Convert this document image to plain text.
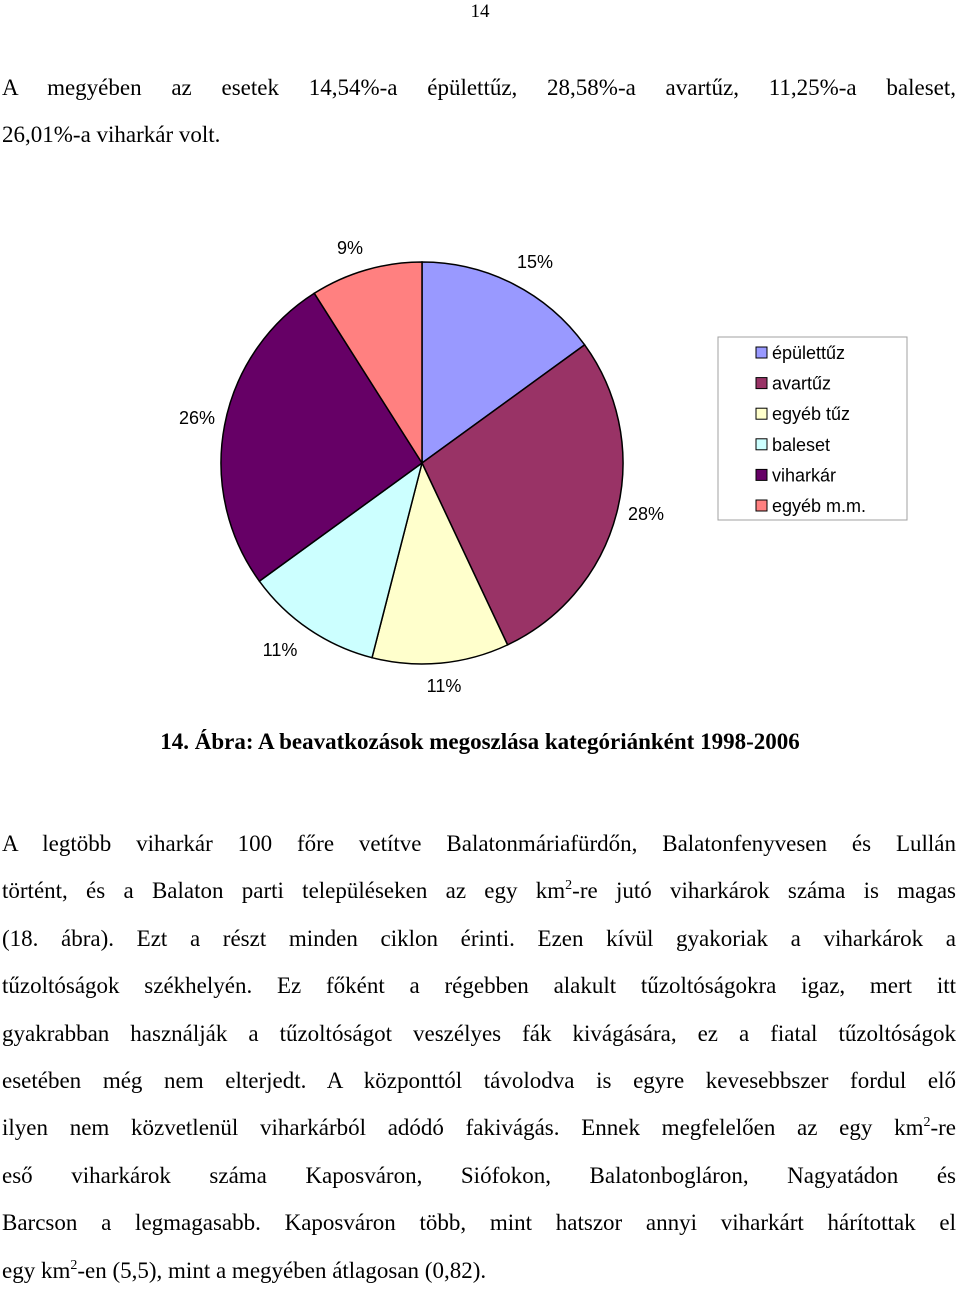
14
A megyében az esetek 14,54%-a épülettűz, 28,58%-a avartűz, 11,25%-a baleset,
26,01%-a viharkár volt.
15%
28%
11%
11%
26%
9%
épülettűz
avartűz
egyéb tűz
baleset
viharkár
egyéb m.m.
14. Ábra: A beavatkozások megoszlása kategóriánként 1998-2006
A legtöbb viharkár 100 főre vetítve Balatonmáriafürdőn, Balatonfenyvesen és Lullán
történt, és a Balaton parti településeken az egy $km^2-re$ jutó viharkárok száma is magas
(18. ábra). Ezt a részt minden ciklon érinti. Ezen kívül gyakoriak a viharkárok a
tűzoltóságok székhelyén. Ez főként a régebben alakult tűzoltóságokra igaz, mert itt
gyakrabban használják a tűzoltóságot veszélyes fák kivágására, ez a fiatal tűzoltóságok
esetében még nem elterjedt. A központtól távolodva is egyre kevesebbszer fordul elő
ilyen nem közvetlenül viharkárból adódó fakivágás. Ennek megfelelően az egy $km^2-re$
eső viharkárok száma Kaposváron, Siófokon, Balatonbogláron, Nagyatádon és
Barcson a legmagasabb. Kaposváron több, mint hatszor annyi viharkárt hárítottak el
egy $km^2-en$ (5,5), mint a megyében átlagosan (0,82).
